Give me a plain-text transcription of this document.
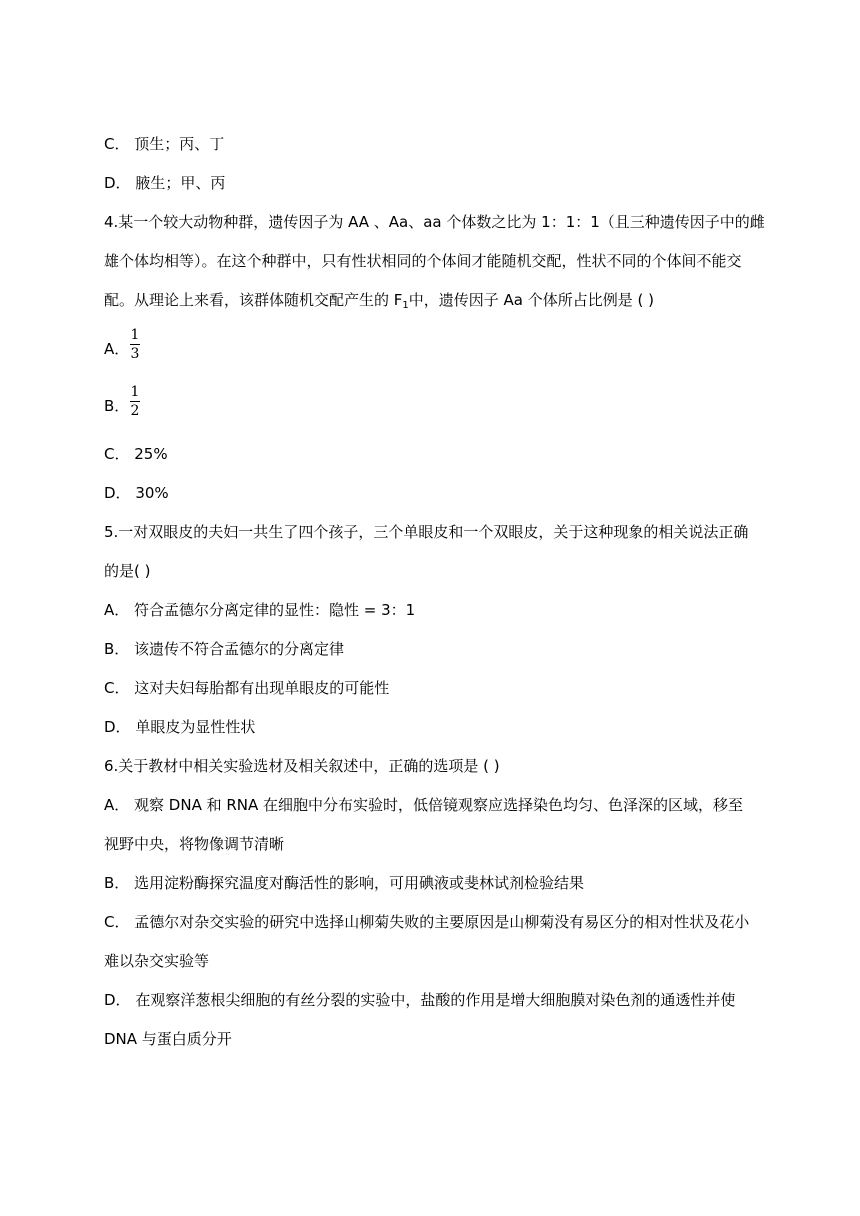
C． 顶生；丙、丁
D． 腋生；甲、丙
4.某一个较大动物种群，遗传因子为 AA 、Aa、aa 个体数之比为 1：1：1（且三种遗传因子中的雌
雄个体均相等）。在这个种群中，只有性状相同的个体间才能随机交配，性状不同的个体间不能交
配。从理论上来看，该群体随机交配产生的 $F_1$中，遗传因子 Aa 个体所占比例是 ( )
A．
1
3
B．
1
2
C． 25%
D． 30%
5.一对双眼皮的夫妇一共生了四个孩子，三个单眼皮和一个双眼皮，关于这种现象的相关说法正确
的是( )
A． 符合孟德尔分离定律的显性：隐性 = 3：1
B． 该遗传不符合孟德尔的分离定律
C． 这对夫妇每胎都有出现单眼皮的可能性
D． 单眼皮为显性性状
6.关于教材中相关实验选材及相关叙述中，正确的选项是 ( )
A． 观察 DNA 和 RNA 在细胞中分布实验时，低倍镜观察应选择染色均匀、色泽深的区域，移至
视野中央，将物像调节清晰
B． 选用淀粉酶探究温度对酶活性的影响，可用碘液或斐林试剂检验结果
C． 孟德尔对杂交实验的研究中选择山柳菊失败的主要原因是山柳菊没有易区分的相对性状及花小
难以杂交实验等
D． 在观察洋葱根尖细胞的有丝分裂的实验中，盐酸的作用是增大细胞膜对染色剂的通透性并使
DNA 与蛋白质分开
